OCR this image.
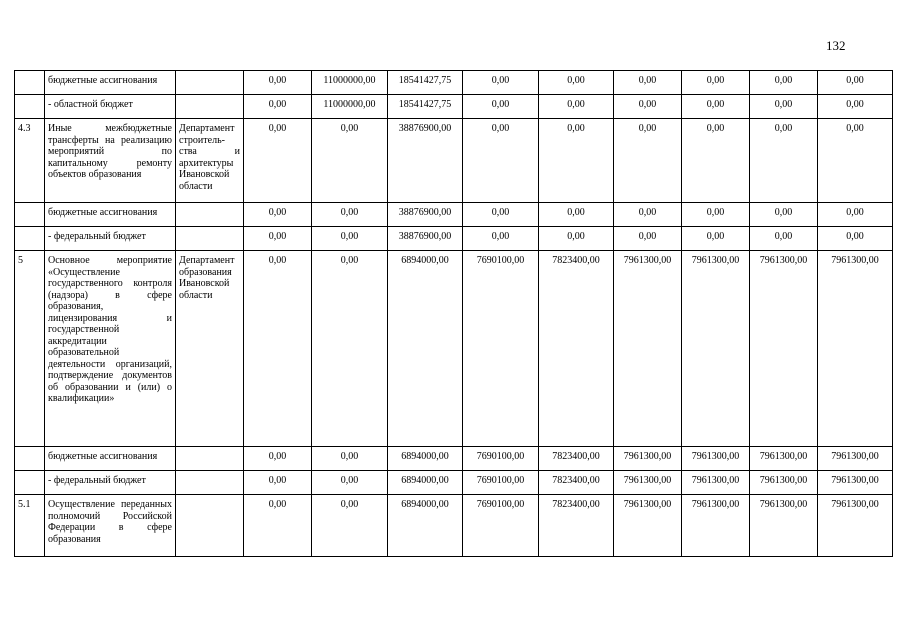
132
	бюджетные ассигнования		0,00	11000000,00	18541427,75	0,00	0,00	0,00	0,00	0,00	0,00
	- областной бюджет		0,00	11000000,00	18541427,75	0,00	0,00	0,00	0,00	0,00	0,00
4.3	Иные межбюджетные трансферты на реализацию мероприятий по капитальному ремонту объектов образования	Департамент строитель-ства и архитектуры Ивановской области	0,00	0,00	38876900,00	0,00	0,00	0,00	0,00	0,00	0,00
	бюджетные ассигнования		0,00	0,00	38876900,00	0,00	0,00	0,00	0,00	0,00	0,00
	- федеральный бюджет		0,00	0,00	38876900,00	0,00	0,00	0,00	0,00	0,00	0,00
5	Основное мероприятие «Осуществление государственного контроля (надзора) в сфере образования, лицензирования и государственной аккредитации образовательной деятельности организаций, подтверждение документов об образовании и (или) о квалификации»	Департамент образования Ивановской области	0,00	0,00	6894000,00	7690100,00	7823400,00	7961300,00	7961300,00	7961300,00	7961300,00
	бюджетные ассигнования		0,00	0,00	6894000,00	7690100,00	7823400,00	7961300,00	7961300,00	7961300,00	7961300,00
	- федеральный бюджет		0,00	0,00	6894000,00	7690100,00	7823400,00	7961300,00	7961300,00	7961300,00	7961300,00
5.1	Осуществление переданных полномочий Российской Федерации в сфере образования		0,00	0,00	6894000,00	7690100,00	7823400,00	7961300,00	7961300,00	7961300,00	7961300,00
